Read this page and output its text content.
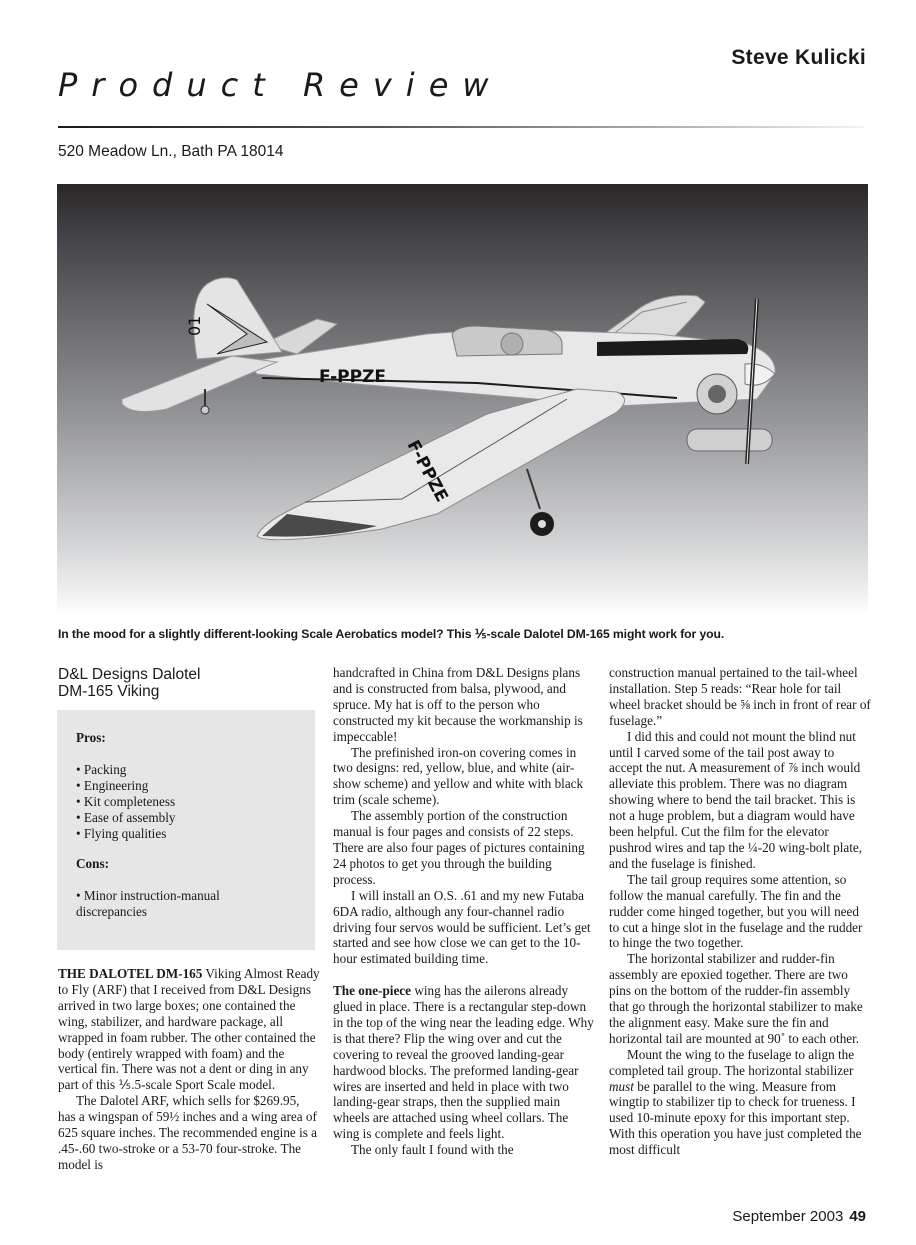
Steve Kulicki
Product Review
520 Meadow Ln., Bath PA 18014
F-PPZE
01
F-PPZE
In the mood for a slightly different-looking Scale Aerobatics model? This ⅕-scale Dalotel DM-165 might work for you.
D&L Designs Dalotel
DM-165 Viking
Pros:
• Packing
• Engineering
• Kit completeness
• Ease of assembly
• Flying qualities
Cons:
• Minor instruction-manual
discrepancies

THE DALOTEL DM-165 Viking Almost Ready to Fly (ARF) that I received from D&L Designs arrived in two large boxes; one contained the wing, stabilizer, and hardware package, all wrapped in foam rubber. The other contained the body (entirely wrapped with foam) and the vertical fin. There was not a dent or ding in any part of this ⅕.5-scale Sport Scale model.

The Dalotel ARF, which sells for $269.95, has a wingspan of 59½ inches and a wing area of 625 square inches. The recommended engine is a .45-.60 two-stroke or a 53-70 four-stroke. The model is

handcrafted in China from D&L Designs plans and is constructed from balsa, plywood, and spruce. My hat is off to the person who constructed my kit because the workmanship is impeccable!

The prefinished iron-on covering comes in two designs: red, yellow, blue, and white (air-show scheme) and yellow and white with black trim (scale scheme).

The assembly portion of the construction manual is four pages and consists of 22 steps. There are also four pages of pictures containing 24 photos to get you through the building process.

I will install an O.S. .61 and my new Futaba 6DA radio, although any four-channel radio driving four servos would be sufficient. Let’s get started and see how close we can get to the 10-hour estimated building time.

The one-piece wing has the ailerons already glued in place. There is a rectangular step-down in the top of the wing near the leading edge. Why is that there? Flip the wing over and cut the covering to reveal the grooved landing-gear hardwood blocks. The preformed landing-gear wires are inserted and held in place with two landing-gear straps, then the supplied main wheels are attached using wheel collars. The wing is complete and feels light.

The only fault I found with the

construction manual pertained to the tail-wheel installation. Step 5 reads: “Rear hole for tail wheel bracket should be ⅝ inch in front of rear of fuselage.”

I did this and could not mount the blind nut until I carved some of the tail post away to accept the nut. A measurement of ⅞ inch would alleviate this problem. There was no diagram showing where to bend the tail bracket. This is not a huge problem, but a diagram would have been helpful. Cut the film for the elevator pushrod wires and tap the ¼-20 wing-bolt plate, and the fuselage is finished.

The tail group requires some attention, so follow the manual carefully. The fin and the rudder come hinged together, but you will need to cut a hinge slot in the fuselage and the rudder to hinge the two together.

The horizontal stabilizer and rudder-fin assembly are epoxied together. There are two pins on the bottom of the rudder-fin assembly that go through the horizontal stabilizer to make the alignment easy. Make sure the fin and horizontal tail are mounted at 90˚ to each other.

Mount the wing to the fuselage to align the completed tail group. The horizontal stabilizer must be parallel to the wing. Measure from wingtip to stabilizer tip to check for trueness. I used 10-minute epoxy for this important step. With this operation you have just completed the most difficult

September 2003 49
